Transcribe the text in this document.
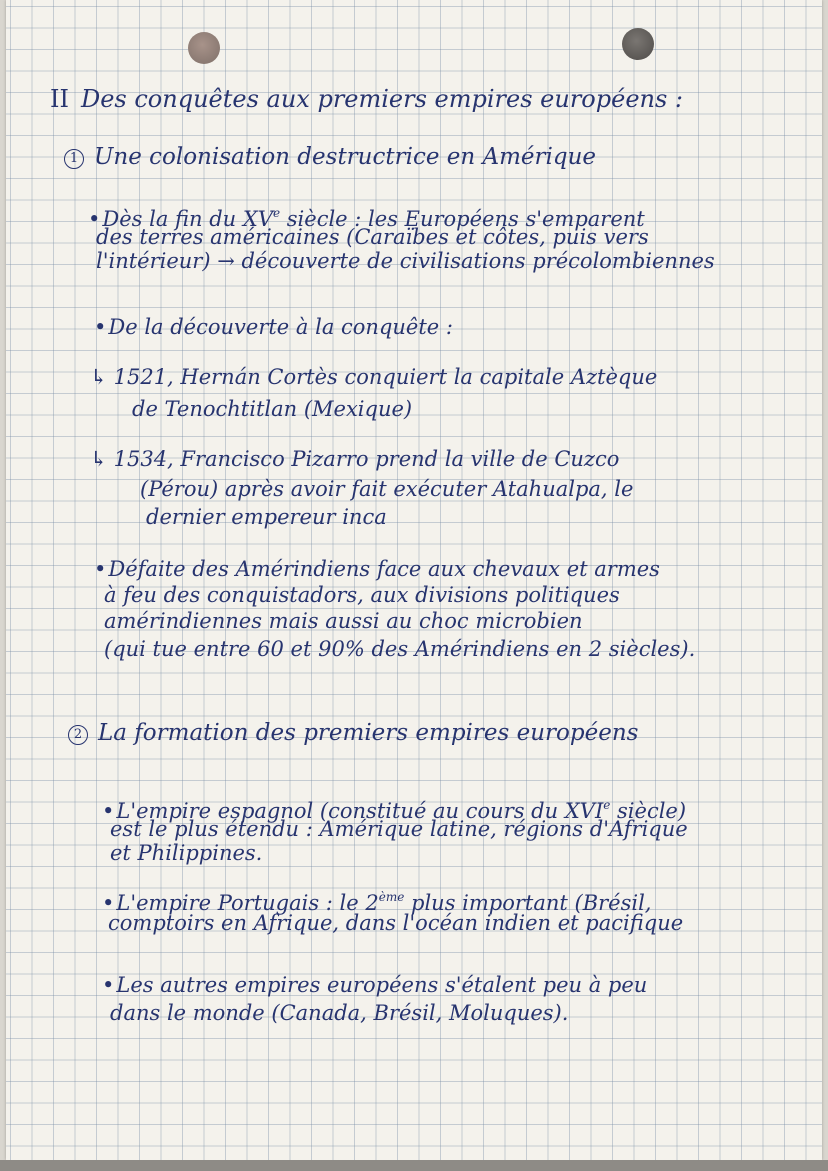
II Des conquêtes aux premiers empires européens :
1 Une colonisation destructrice en Amérique
•Dès la fin du XVe siècle : les Européens s'emparent
des terres américaines (Caraïbes et côtes, puis vers
l'intérieur) → découverte de civilisations précolombiennes
•De la découverte à la conquête :
↳ 1521, Hernán Cortès conquiert la capitale Aztèque
de Tenochtitlan (Mexique)
↳ 1534, Francisco Pizarro prend la ville de Cuzco
(Pérou) après avoir fait exécuter Atahualpa, le
dernier empereur inca
•Défaite des Amérindiens face aux chevaux et armes
à feu des conquistadors, aux divisions politiques
amérindiennes mais aussi au choc microbien
(qui tue entre 60 et 90% des Amérindiens en 2 siècles).
2 La formation des premiers empires européens
•L'empire espagnol (constitué au cours du XVIe siècle)
est le plus étendu : Amérique latine, régions d'Afrique
et Philippines.
•L'empire Portugais : le 2ème plus important (Brésil,
comptoirs en Afrique, dans l'océan indien et pacifique
•Les autres empires européens s'étalent peu à peu
dans le monde (Canada, Brésil, Moluques).
